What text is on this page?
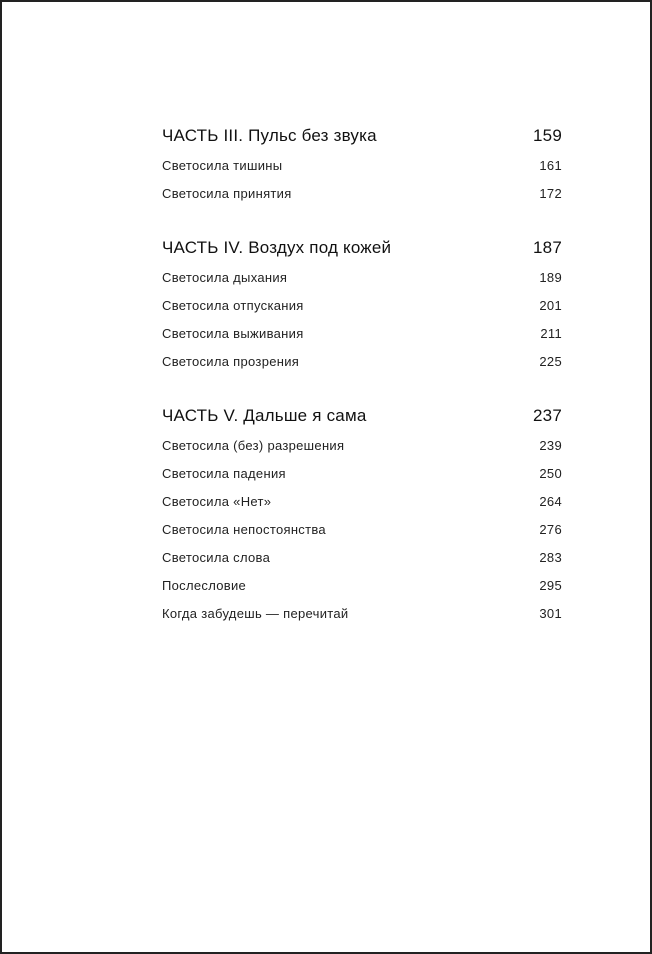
ЧАСТЬ III. Пульс без звука	159
Светосила тишины	161
Светосила принятия	172
ЧАСТЬ IV. Воздух под кожей	187
Светосила дыхания	189
Светосила отпускания	201
Светосила выживания	211
Светосила прозрения	225
ЧАСТЬ V. Дальше я сама	237
Светосила (без) разрешения	239
Светосила падения	250
Светосила «Нет»	264
Светосила непостоянства	276
Светосила слова	283
Послесловие	295
Когда забудешь — перечитай	301
